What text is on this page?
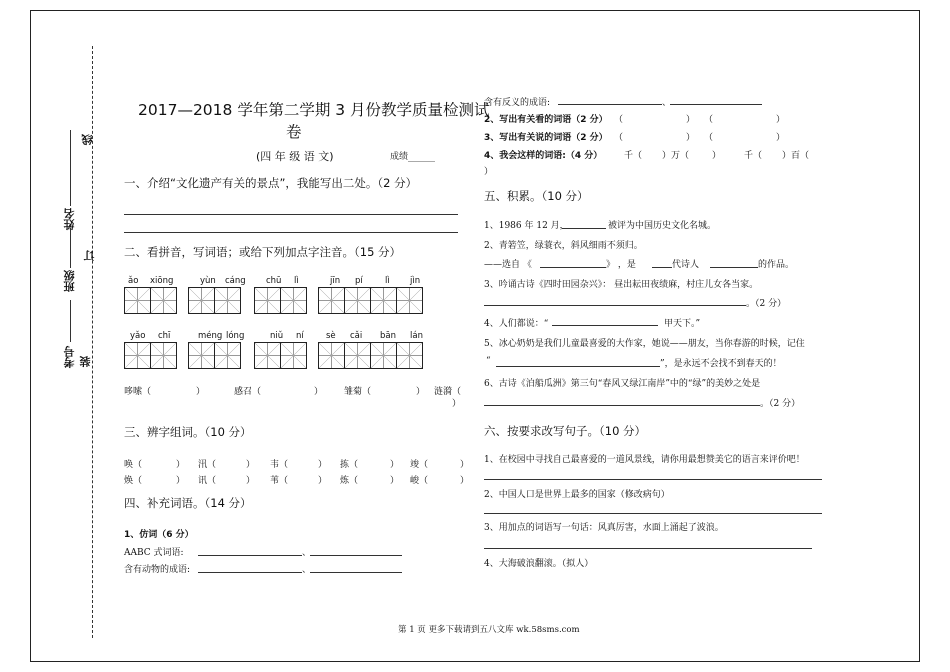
考号 装
班级
订
姓名
线
2017—2018 学年第二学期 3 月份教学质量检测试
卷
(四 年 级 语 文)	成绩______
一、介绍“文化遗产有关的景点”，我能写出二处。（2 分）
二、看拼音，写词语；或给下列加点字注音。（15 分）
ǎo xiōng	yùn cáng chū lì	jīn pí	lì jìn
yǎo chī	méng lóng	niǔ ní	sè cǎi bān lán
哆嗦（	）	感召（	） 雏菊（	） 涟漪（
）
三、辨字组词。（10 分）
唤（	） 汛（	） 韦（	） 拣（	） 竣（	）
焕（	） 讯（	） 苇（	） 炼（	） 峻（	）
四、补充词语。（14 分）
1、仿词（6 分）
AABC 式词语:	、
含有动物的成语:	、
含有反义的成语:	、
2、写出有关看的词语（2 分） （　　　　　　　）　　（　　　　　　　）
3、写出有关说的词语（2 分） （　　　　　　　）　　（　　　　　　　）
4、我会这样的词语:（4 分） 千（ ）万（	）	千（ ）百（
）
五、积累。（10 分）
1、1986 年 12 月，	被评为中国历史文化名城。
2、青箬笠，绿蓑衣，斜风细雨不须归。
——选自 《	》 ，是	代诗人	的作品。
3、吟诵古诗《四时田园杂兴》： 昼出耘田夜绩麻，村庄儿女各当家。
。（2 分）
4、人们都说：“	甲天下。”
5、冰心奶奶是我们儿童最喜爱的大作家，她说——朋友，当你春游的时候，记住
“	”，是永远不会找不到春天的！
6、古诗《泊船瓜洲》第三句“春风又绿江南岸”中的“绿”的美妙之处是
。（2 分）
六、按要求改写句子。（10 分）
1、在校园中寻找自己最喜爱的一道风景线，请你用最想赞美它的语言来评价吧！
2、中国人口是世界上最多的国家（修改病句）
3、用加点的词语写一句话：风真厉害，水面上涌起了波浪。
4、大海破浪翻滚。（拟人）
第 1 页 更多下载请到五八文库 wk.58sms.com
